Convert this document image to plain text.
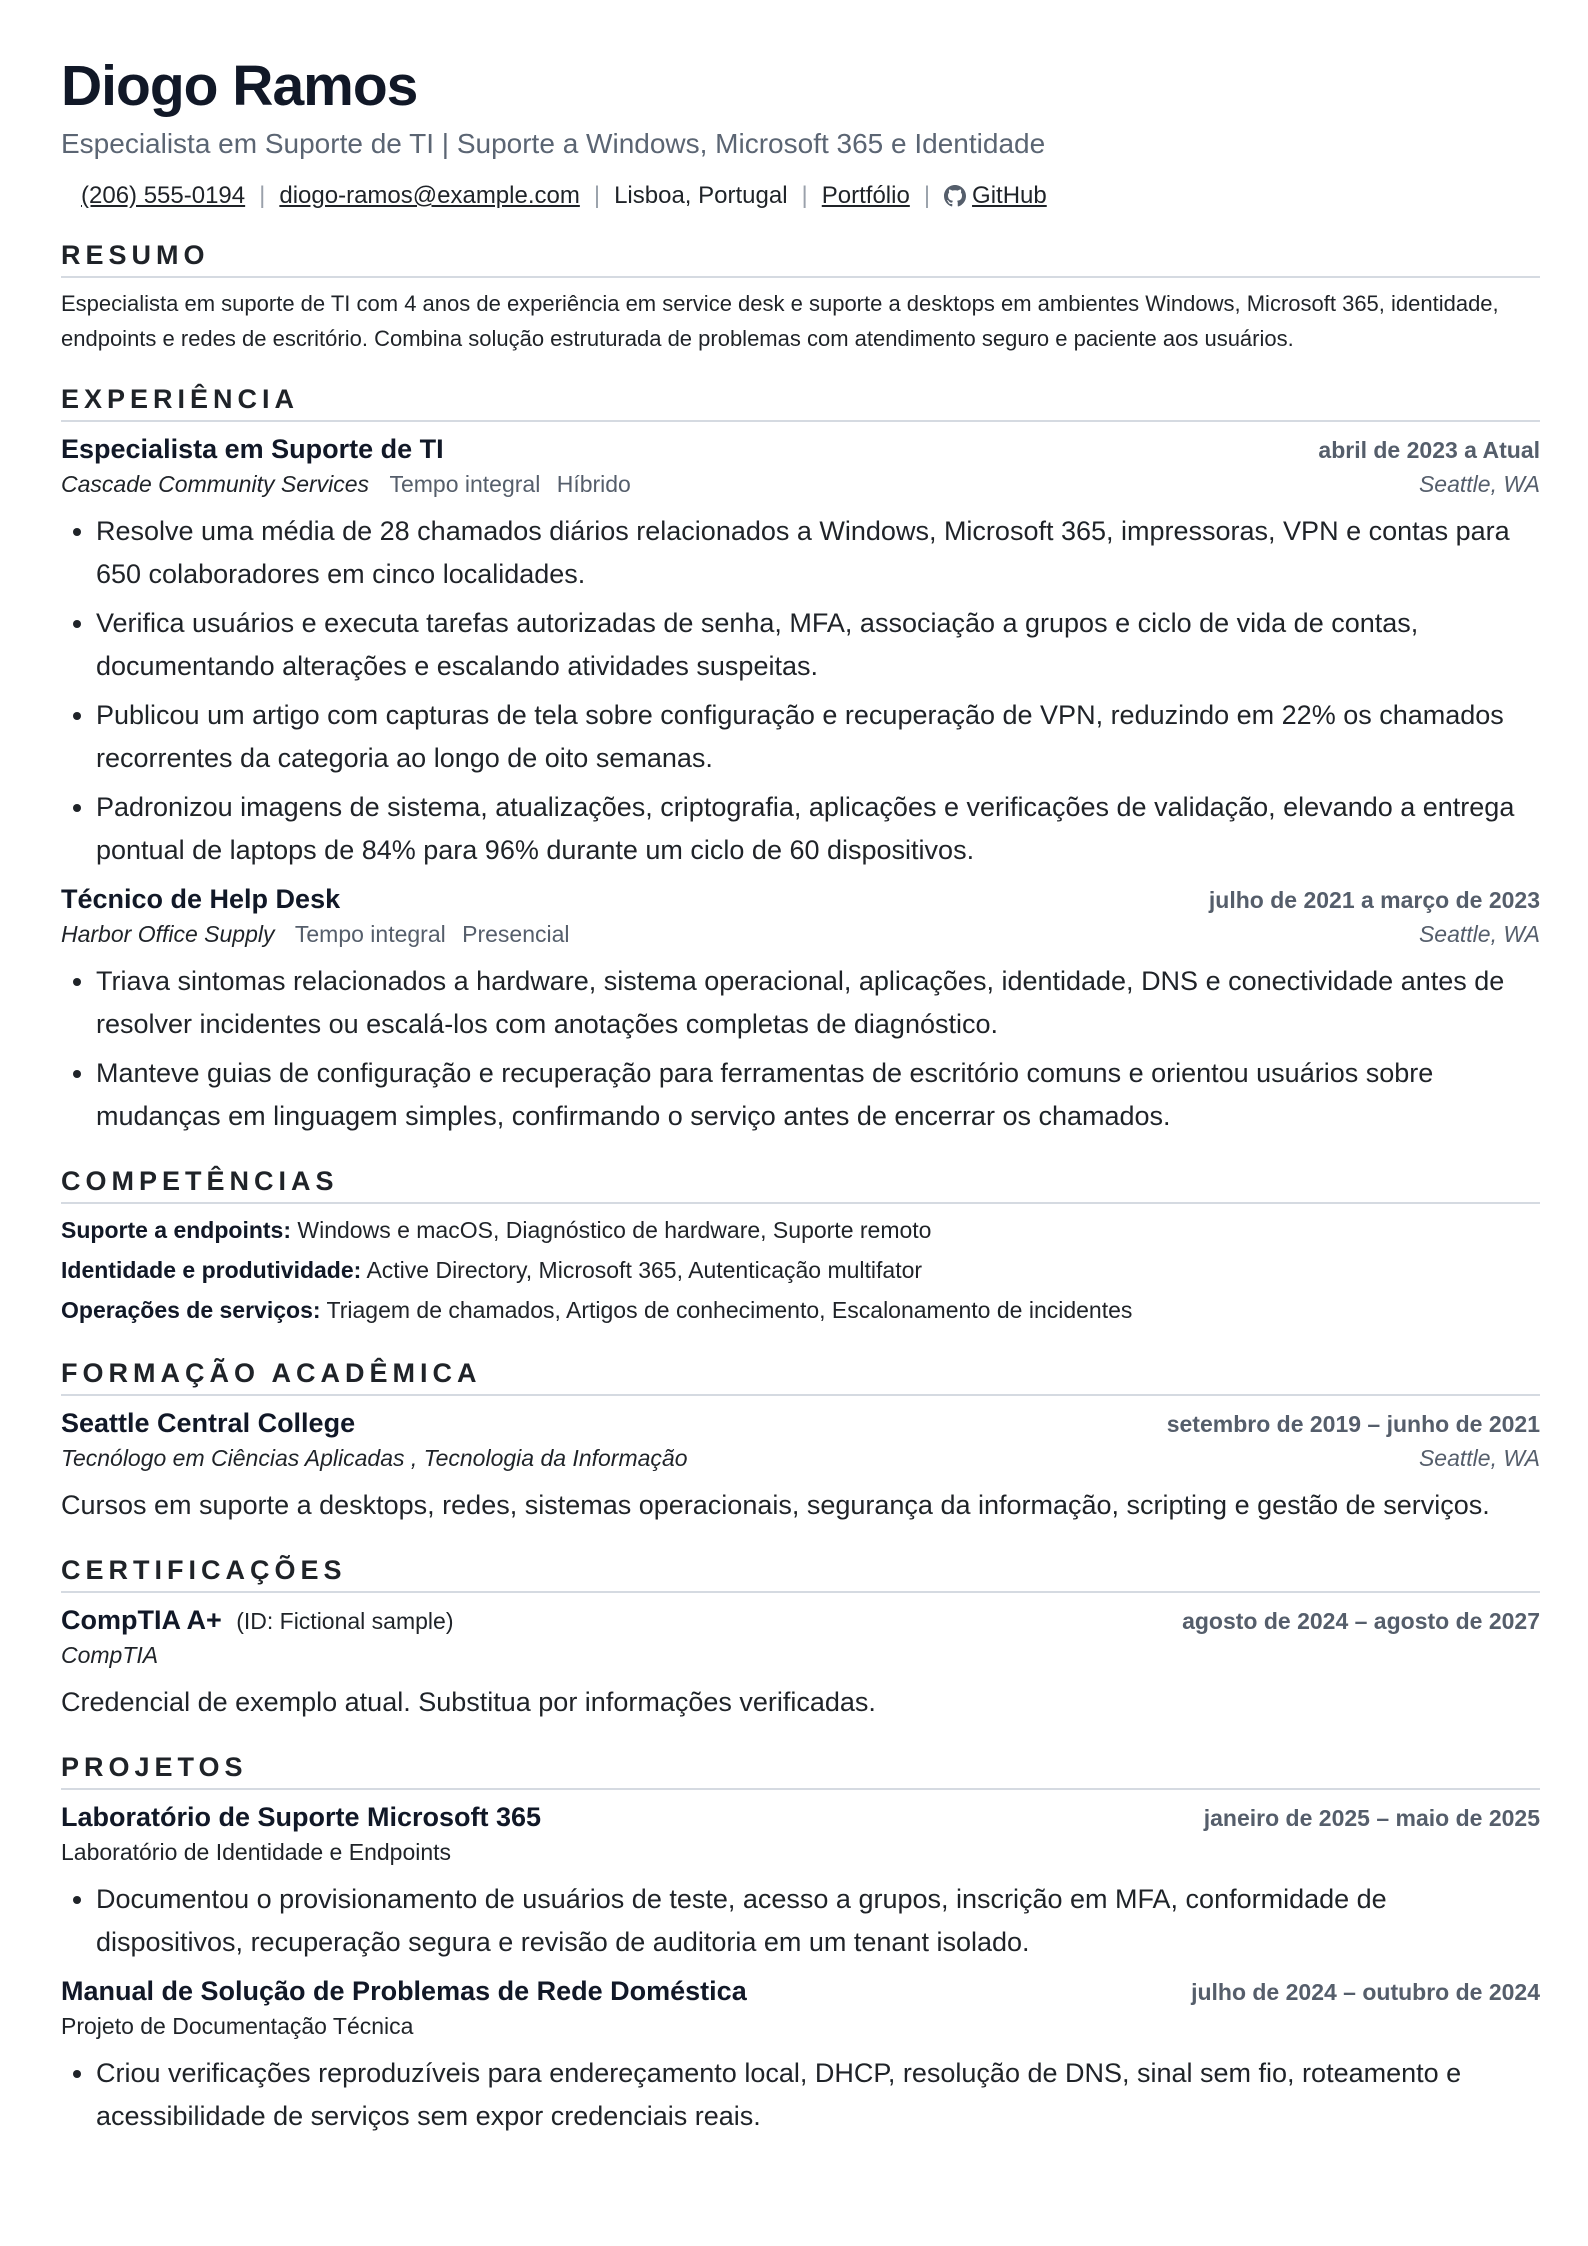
Diogo Ramos
Especialista em Suporte de TI | Suporte a Windows, Microsoft 365 e Identidade
(206) 555-0194 | diogo-ramos@example.com | Lisboa, Portugal | Portfólio | GitHub
RESUMO
Especialista em suporte de TI com 4 anos de experiência em service desk e suporte a desktops em ambientes Windows, Microsoft 365, identidade, endpoints e redes de escritório. Combina solução estruturada de problemas com atendimento seguro e paciente aos usuários.
EXPERIÊNCIA
Especialista em Suporte de TI	abril de 2023 a Atual
Cascade Community Services Tempo integral Híbrido	Seattle, WA
• Resolve uma média de 28 chamados diários relacionados a Windows, Microsoft 365, impressoras, VPN e contas para 650 colaboradores em cinco localidades.
• Verifica usuários e executa tarefas autorizadas de senha, MFA, associação a grupos e ciclo de vida de contas, documentando alterações e escalando atividades suspeitas.
• Publicou um artigo com capturas de tela sobre configuração e recuperação de VPN, reduzindo em 22% os chamados recorrentes da categoria ao longo de oito semanas.
• Padronizou imagens de sistema, atualizações, criptografia, aplicações e verificações de validação, elevando a entrega pontual de laptops de 84% para 96% durante um ciclo de 60 dispositivos.
Técnico de Help Desk	julho de 2021 a março de 2023
Harbor Office Supply Tempo integral Presencial	Seattle, WA
• Triava sintomas relacionados a hardware, sistema operacional, aplicações, identidade, DNS e conectividade antes de resolver incidentes ou escalá-los com anotações completas de diagnóstico.
• Manteve guias de configuração e recuperação para ferramentas de escritório comuns e orientou usuários sobre mudanças em linguagem simples, confirmando o serviço antes de encerrar os chamados.
COMPETÊNCIAS
Suporte a endpoints: Windows e macOS, Diagnóstico de hardware, Suporte remoto
Identidade e produtividade: Active Directory, Microsoft 365, Autenticação multifator
Operações de serviços: Triagem de chamados, Artigos de conhecimento, Escalonamento de incidentes
FORMAÇÃO ACADÊMICA
Seattle Central College	setembro de 2019 – junho de 2021
Tecnólogo em Ciências Aplicadas , Tecnologia da Informação	Seattle, WA
Cursos em suporte a desktops, redes, sistemas operacionais, segurança da informação, scripting e gestão de serviços.
CERTIFICAÇÕES
CompTIA A+ (ID: Fictional sample)	agosto de 2024 – agosto de 2027
CompTIA
Credencial de exemplo atual. Substitua por informações verificadas.
PROJETOS
Laboratório de Suporte Microsoft 365	janeiro de 2025 – maio de 2025
Laboratório de Identidade e Endpoints
• Documentou o provisionamento de usuários de teste, acesso a grupos, inscrição em MFA, conformidade de dispositivos, recuperação segura e revisão de auditoria em um tenant isolado.
Manual de Solução de Problemas de Rede Doméstica	julho de 2024 – outubro de 2024
Projeto de Documentação Técnica
• Criou verificações reproduzíveis para endereçamento local, DHCP, resolução de DNS, sinal sem fio, roteamento e acessibilidade de serviços sem expor credenciais reais.
